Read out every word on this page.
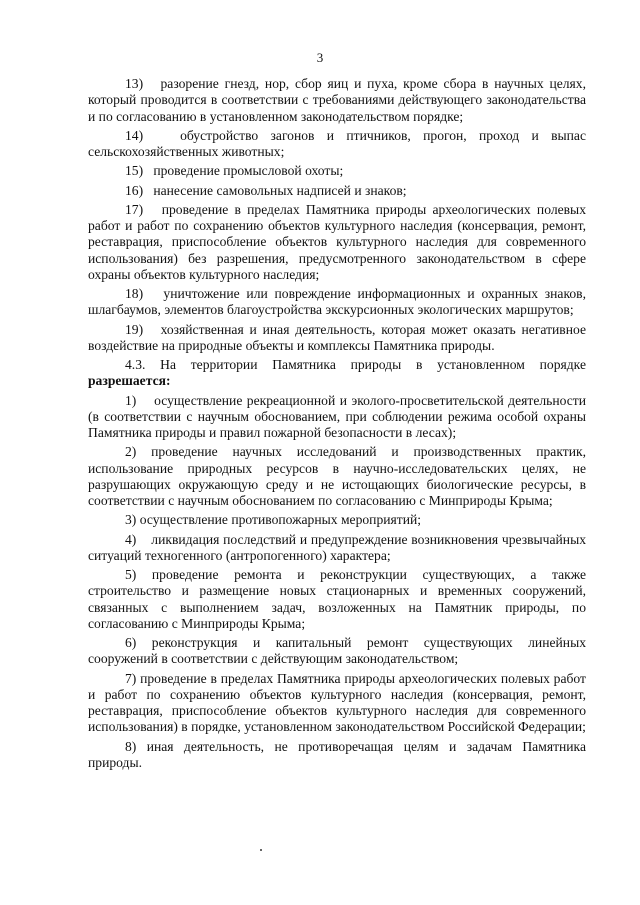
3

13)   разорение гнезд, нор, сбор яиц и пуха, кроме сбора в научных целях, который проводится в соответствии с требованиями действующего законодательства и по согласованию в установленном законодательством порядке;

14)   обустройство загонов и птичников, прогон, проход и выпас сельскохозяйственных животных;

15)   проведение промысловой охоты;

16)   нанесение самовольных надписей и знаков;

17)   проведение в пределах Памятника природы археологических полевых работ и работ по сохранению объектов культурного наследия (консервация, ремонт, реставрация, приспособление объектов культурного наследия для современного использования) без разрешения, предусмотренного законодательством в сфере охраны объектов культурного наследия;

18)   уничтожение или повреждение информационных и охранных знаков, шлагбаумов, элементов благоустройства экскурсионных экологических маршрутов;

19)   хозяйственная и иная деятельность, которая может оказать негативное воздействие на природные объекты и комплексы Памятника природы.

4.3. На территории Памятника природы в установленном порядке разрешается:

1)    осуществление рекреационной и эколого-просветительской деятельности (в соответствии с научным обоснованием, при соблюдении режима особой охраны Памятника природы и правил пожарной безопасности в лесах);

2) проведение научных исследований и производственных практик, использование природных ресурсов в научно-исследовательских целях, не разрушающих окружающую среду и не истощающих биологические ресурсы, в соответствии с научным обоснованием по согласованию с Минприроды Крыма;

3) осуществление противопожарных мероприятий;

4)    ликвидация последствий и предупреждение возникновения чрезвычайных ситуаций техногенного (антропогенного) характера;

5) проведение ремонта и реконструкции существующих, а также строительство и размещение новых стационарных и временных сооружений, связанных с выполнением задач, возложенных на Памятник природы, по согласованию с Минприроды Крыма;

6) реконструкция и капитальный ремонт существующих линейных сооружений в соответствии с действующим законодательством;

7) проведение в пределах Памятника природы археологических полевых работ и работ по сохранению объектов культурного наследия (консервация, ремонт, реставрация, приспособление объектов культурного наследия для современного использования) в порядке, установленном законодательством Российской Федерации;

8) иная деятельность, не противоречащая целям и задачам Памятника природы.
